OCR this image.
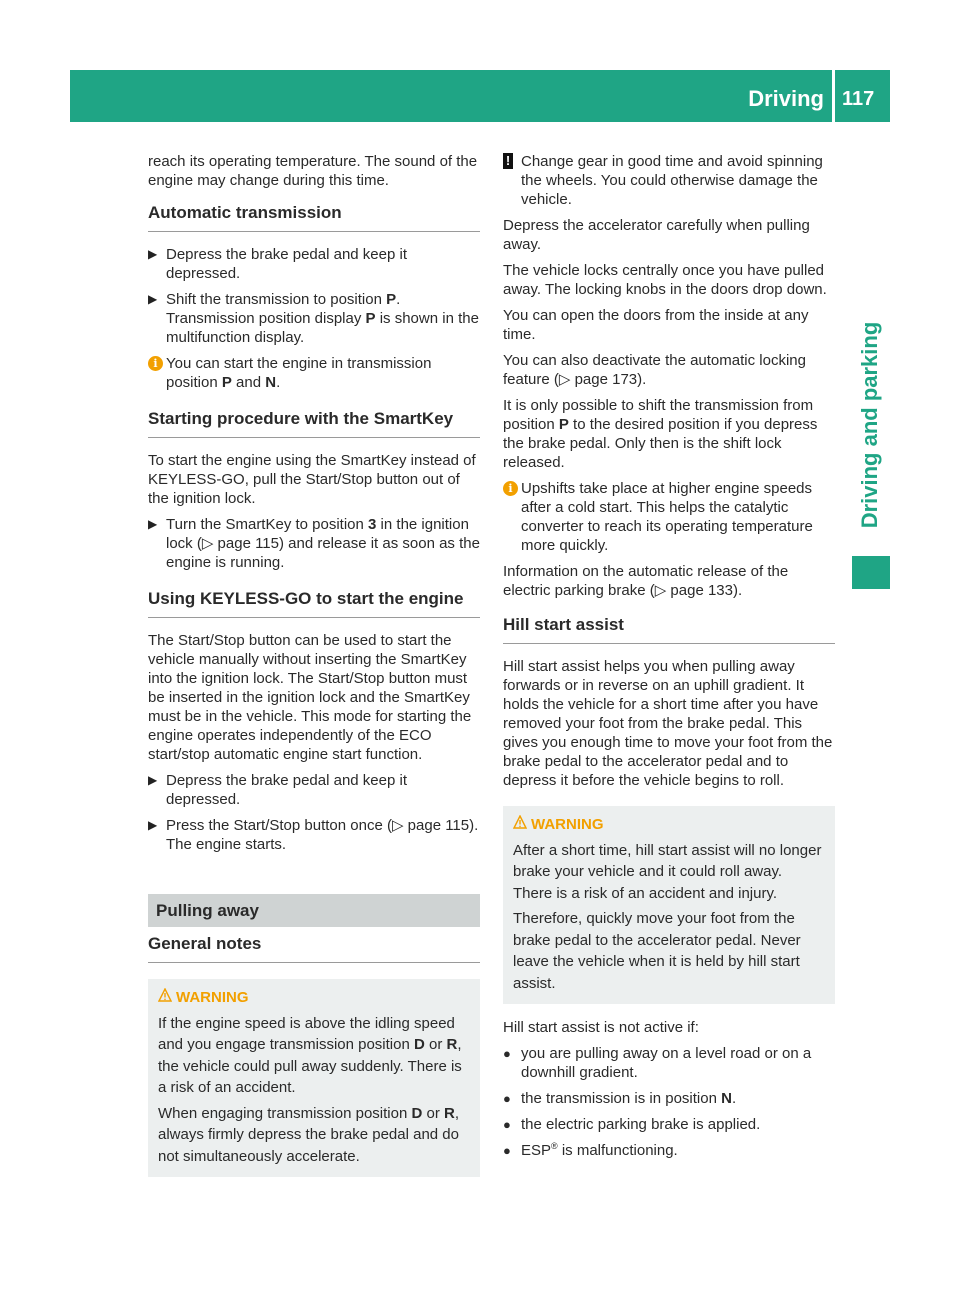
Driving 117
Driving and parking

reach its operating temperature. The sound of the engine may change during this time.

Automatic transmission
▶ Depress the brake pedal and keep it depressed.
▶ Shift the transmission to position P. Transmission position display P is shown in the multifunction display.
i You can start the engine in transmission position P and N.
Starting procedure with the SmartKey

To start the engine using the SmartKey instead of KEYLESS-GO, pull the Start/Stop button out of the ignition lock.

▶ Turn the SmartKey to position 3 in the ignition lock (▷ page 115) and release it as soon as the engine is running.
Using KEYLESS-GO to start the engine

The Start/Stop button can be used to start the vehicle manually without inserting the SmartKey into the ignition lock. The Start/Stop button must be inserted in the ignition lock and the SmartKey must be in the vehicle. This mode for starting the engine operates independently of the ECO start/stop automatic engine start function.

▶ Depress the brake pedal and keep it depressed.
▶ Press the Start/Stop button once (▷ page 115). The engine starts.
Pulling away
General notes
WARNING

If the engine speed is above the idling speed and you engage transmission position D or R, the vehicle could pull away suddenly. There is a risk of an accident.

When engaging transmission position D or R, always firmly depress the brake pedal and do not simultaneously accelerate.

! Change gear in good time and avoid spinning the wheels. You could otherwise damage the vehicle.

Depress the accelerator carefully when pulling away.

The vehicle locks centrally once you have pulled away. The locking knobs in the doors drop down.

You can open the doors from the inside at any time.

You can also deactivate the automatic locking feature (▷ page 173).

It is only possible to shift the transmission from position P to the desired position if you depress the brake pedal. Only then is the shift lock released.

i Upshifts take place at higher engine speeds after a cold start. This helps the catalytic converter to reach its operating temperature more quickly.

Information on the automatic release of the electric parking brake (▷ page 133).

Hill start assist

Hill start assist helps you when pulling away forwards or in reverse on an uphill gradient. It holds the vehicle for a short time after you have removed your foot from the brake pedal. This gives you enough time to move your foot from the brake pedal to the accelerator pedal and to depress it before the vehicle begins to roll.

WARNING

After a short time, hill start assist will no longer brake your vehicle and it could roll away. There is a risk of an accident and injury.

Therefore, quickly move your foot from the brake pedal to the accelerator pedal. Never leave the vehicle when it is held by hill start assist.

Hill start assist is not active if:

● you are pulling away on a level road or on a downhill gradient.
● the transmission is in position N.
● the electric parking brake is applied.
● ESP® is malfunctioning.
